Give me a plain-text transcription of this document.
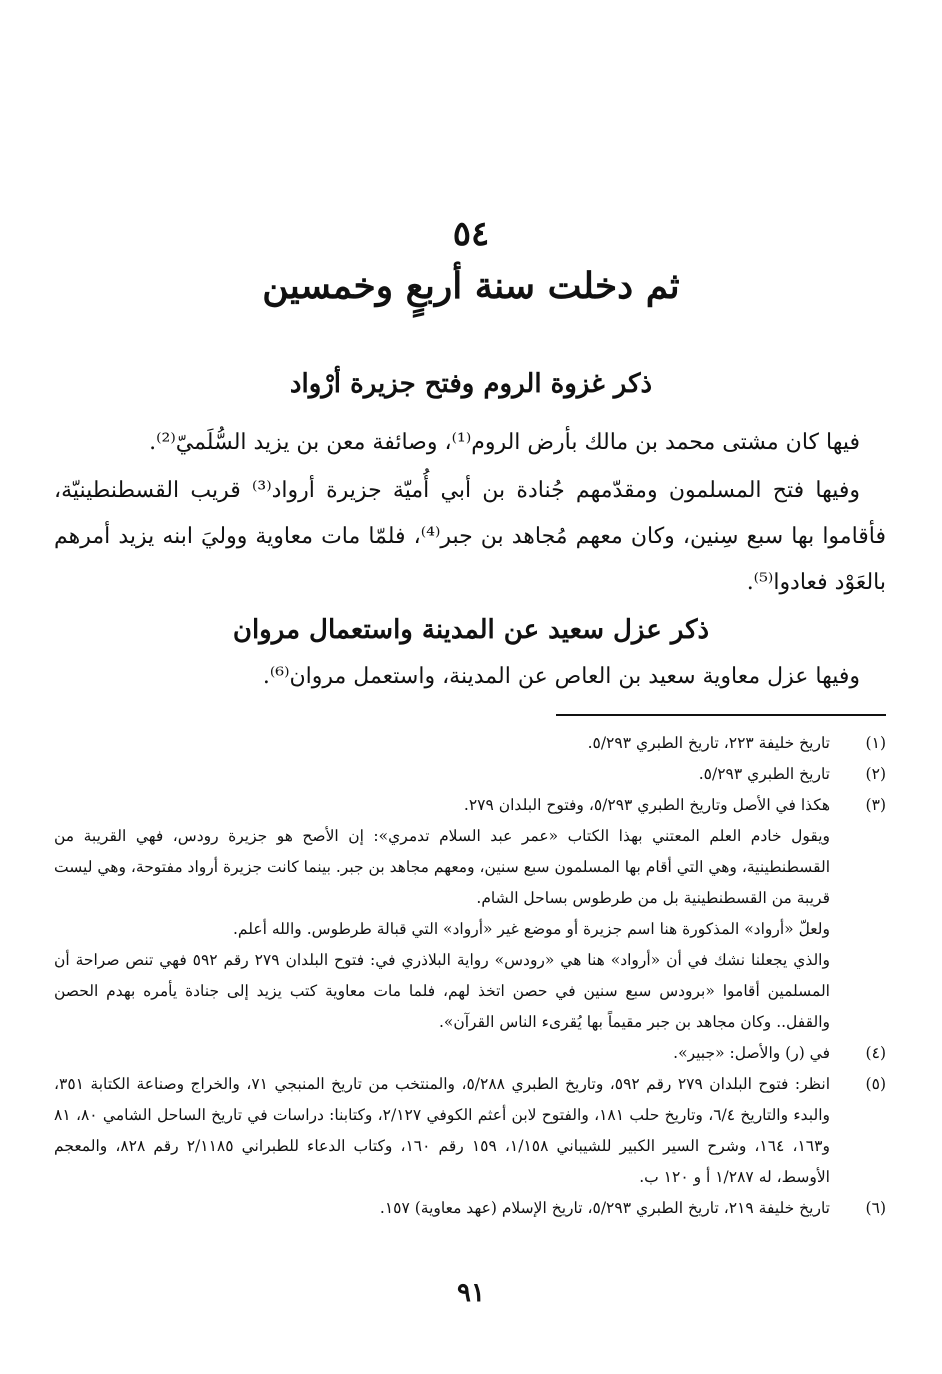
٥٤
ثم دخلت سنة أربعٍ وخمسين
ذكر غزوة الروم وفتح جزيرة أرْواد
فيها كان مشتى محمد بن مالك بأرض الروم⁽¹⁾، وصائفة معن بن يزيد السُّلَميّ⁽²⁾.
وفيها فتح المسلمون ومقدّمهم جُنادة بن أبي أُميّة جزيرة أرواد⁽³⁾ قريب القسطنطينيّة، فأقاموا بها سبع سِنين، وكان معهم مُجاهد بن جبر⁽⁴⁾، فلمّا مات معاوية ووليَ ابنه يزيد أمرهم بالعَوْد فعادوا⁽⁵⁾.
ذكر عزل سعيد عن المدينة واستعمال مروان
وفيها عزل معاوية سعيد بن العاص عن المدينة، واستعمل مروان⁽⁶⁾.
(١)

تاريخ خليفة ٢٢٣، تاريخ الطبري ٥/٢٩٣.

(٢)

تاريخ الطبري ٥/٢٩٣.

(٣)

هكذا في الأصل وتاريخ الطبري ٥/٢٩٣، وفتوح البلدان ٢٧٩.

ويقول خادم العلم المعتني بهذا الكتاب «عمر عبد السلام تدمري»: إن الأصح هو جزيرة رودس، فهي القريبة من القسطنطينية، وهي التي أقام بها المسلمون سبع سنين، ومعهم مجاهد بن جبر. بينما كانت جزيرة أرواد مفتوحة، وهي ليست قريبة من القسطنطينية بل من طرطوس بساحل الشام.

ولعلّ «أرواد» المذكورة هنا اسم جزيرة أو موضع غير «أرواد» التي قبالة طرطوس. والله أعلم.

والذي يجعلنا نشك في أن «أرواد» هنا هي «رودس» رواية البلاذري في: فتوح البلدان ٢٧٩ رقم ٥٩٢ فهي تنص صراحة أن المسلمين أقاموا «برودس سبع سنين في حصن اتخذ لهم، فلما مات معاوية كتب يزيد إلى جنادة يأمره بهدم الحصن والقفل.. وكان مجاهد بن جبر مقيماً بها يُقرىء الناس القرآن».

(٤)

في (ر) والأصل: «جبير».

(٥)

انظر: فتوح البلدان ٢٧٩ رقم ٥٩٢، وتاريخ الطبري ٥/٢٨٨، والمنتخب من تاريخ المنبجي ٧١، والخراج وصناعة الكتابة ٣٥١، والبدء والتاريخ ٦/٤، وتاريخ حلب ١٨١، والفتوح لابن أعثم الكوفي ٢/١٢٧، وكتابنا: دراسات في تاريخ الساحل الشامي ٨٠، ٨١ و١٦٣، ١٦٤، وشرح السير الكبير للشيباني ١/١٥٨، ١٥٩ رقم ١٦٠، وكتاب الدعاء للطبراني ٢/١١٨٥ رقم ٨٢٨، والمعجم الأوسط، له ١/٢٨٧ أ و ١٢٠ ب.

(٦)

تاريخ خليفة ٢١٩، تاريخ الطبري ٥/٢٩٣، تاريخ الإسلام (عهد معاوية) ١٥٧.

٩١
